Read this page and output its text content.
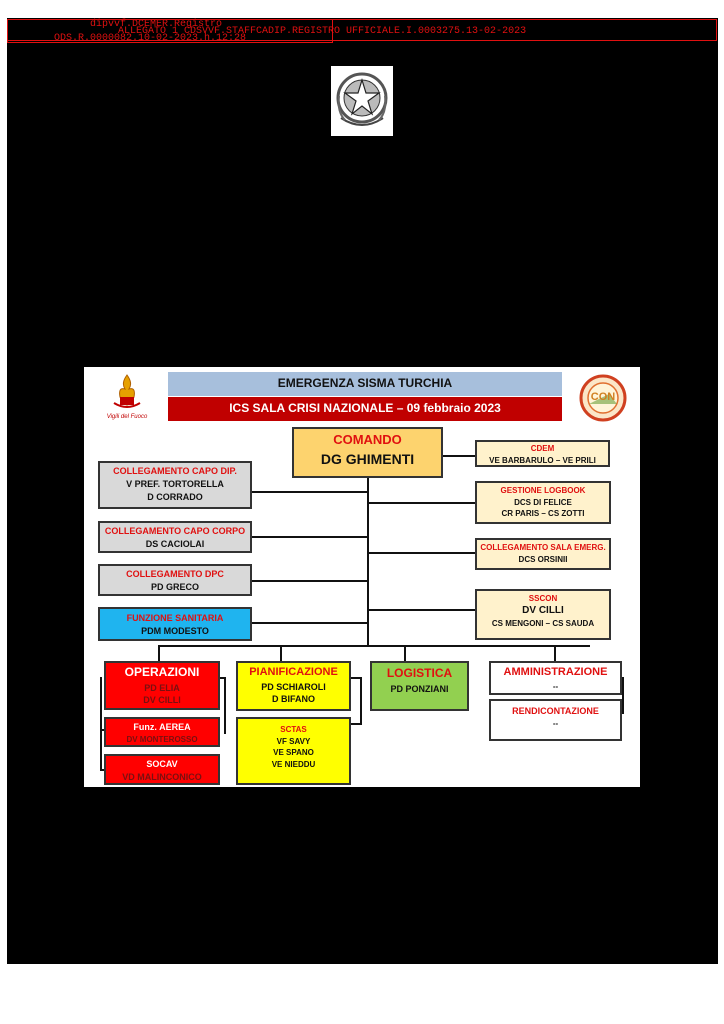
dipvvf.DCEMER.Registro
ALLEGATO 1 CDSVVF.STAFFCADIP.REGISTRO UFFICIALE.I.0003275.13-02-2023
ODS.R.0000082.10-02-2023.h.12:28
Vigili del Fuoco
CON
EMERGENZA SISMA TURCHIA
ICS SALA CRISI NAZIONALE – 09 febbraio 2023
COMANDO
DG GHIMENTI
COLLEGAMENTO CAPO DIP.
V PREF. TORTORELLA
D CORRADO
COLLEGAMENTO CAPO CORPO
DS CACIOLAI
COLLEGAMENTO DPC
PD GRECO
FUNZIONE SANITARIA
PDM MODESTO
CDEM
VE BARBARULO – VE PRILI
GESTIONE LOGBOOK
DCS DI FELICE
CR PARIS – CS ZOTTI
COLLEGAMENTO SALA EMERG.
DCS ORSINII
SSCON
DV CILLI
CS MENGONI – CS SAUDA
OPERAZIONI
PD ELIA
DV CILLI
Funz. AEREA
DV MONTEROSSO
SOCAV
VD MALINCONICO
PIANIFICAZIONE
PD SCHIAROLI
D BIFANO
SCTAS
VF SAVY
VE SPANO
VE NIEDDU
LOGISTICA
PD PONZIANI
AMMINISTRAZIONE
--
RENDICONTAZIONE
--
